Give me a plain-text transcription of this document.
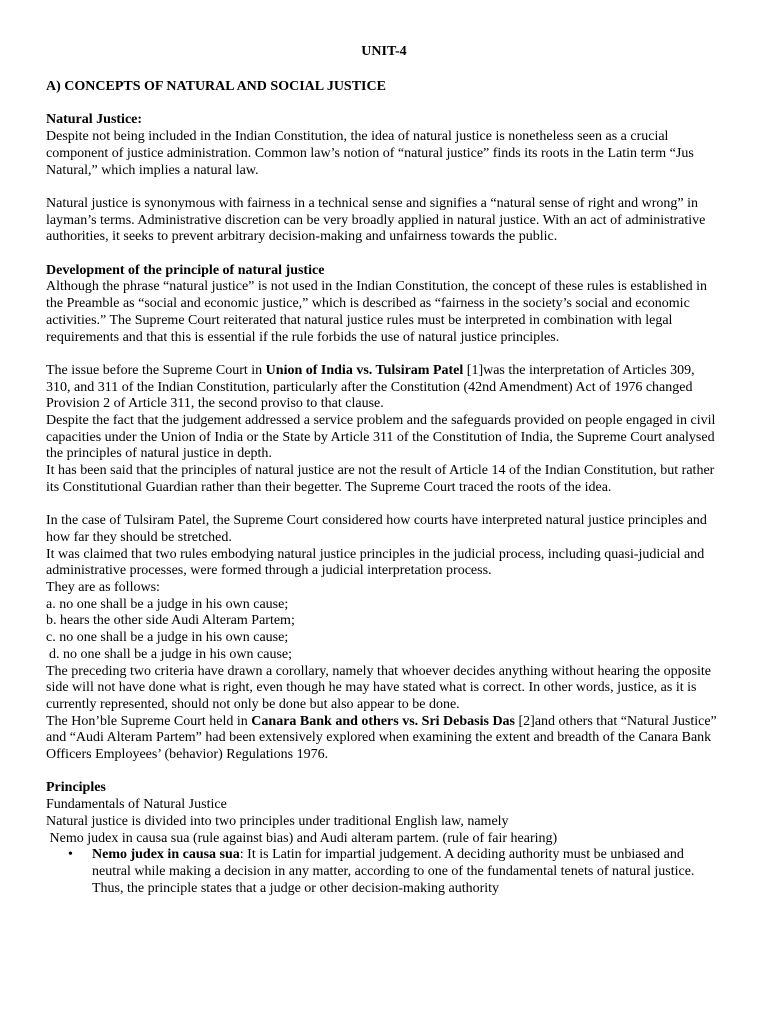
UNIT-4
A) CONCEPTS OF NATURAL AND SOCIAL JUSTICE
Natural Justice:

Despite not being included in the Indian Constitution, the idea of natural justice is nonetheless seen as a crucial component of justice administration. Common law’s notion of “natural justice” finds its roots in the Latin term “Jus Natural,” which implies a natural law.

Natural justice is synonymous with fairness in a technical sense and signifies a “natural sense of right and wrong” in layman’s terms. Administrative discretion can be very broadly applied in natural justice. With an act of administrative authorities, it seeks to prevent arbitrary decision-making and unfairness towards the public.

Development of the principle of natural justice

Although the phrase “natural justice” is not used in the Indian Constitution, the concept of these rules is established in the Preamble as “social and economic justice,” which is described as “fairness in the society’s social and economic activities.” The Supreme Court reiterated that natural justice rules must be interpreted in combination with legal requirements and that this is essential if the rule forbids the use of natural justice principles.

The issue before the Supreme Court in Union of India vs. Tulsiram Patel [1]was the interpretation of Articles 309, 310, and 311 of the Indian Constitution, particularly after the Constitution (42nd Amendment) Act of 1976 changed Provision 2 of Article 311, the second proviso to that clause.

Despite the fact that the judgement addressed a service problem and the safeguards provided on people engaged in civil capacities under the Union of India or the State by Article 311 of the Constitution of India, the Supreme Court analysed the principles of natural justice in depth.

It has been said that the principles of natural justice are not the result of Article 14 of the Indian Constitution, but rather its Constitutional Guardian rather than their begetter. The Supreme Court traced the roots of the idea.

In the case of Tulsiram Patel, the Supreme Court considered how courts have interpreted natural justice principles and how far they should be stretched.

It was claimed that two rules embodying natural justice principles in the judicial process, including quasi-judicial and administrative processes, were formed through a judicial interpretation process.

They are as follows:

a. no one shall be a judge in his own cause;

b. hears the other side Audi Alteram Partem;

c. no one shall be a judge in his own cause;

d. no one shall be a judge in his own cause;

The preceding two criteria have drawn a corollary, namely that whoever decides anything without hearing the opposite side will not have done what is right, even though he may have stated what is correct. In other words, justice, as it is currently represented, should not only be done but also appear to be done.

The Hon’ble Supreme Court held in Canara Bank and others vs. Sri Debasis Das [2]and others that “Natural Justice” and “Audi Alteram Partem” had been extensively explored when examining the extent and breadth of the Canara Bank Officers Employees’ (behavior) Regulations 1976.

Principles

Fundamentals of Natural Justice

Natural justice is divided into two principles under traditional English law, namely

Nemo judex in causa sua (rule against bias) and Audi alteram partem. (rule of fair hearing)

• Nemo judex in causa sua: It is Latin for impartial judgement. A deciding authority must be unbiased and neutral while making a decision in any matter, according to one of the fundamental tenets of natural justice. Thus, the principle states that a judge or other decision-making authority
